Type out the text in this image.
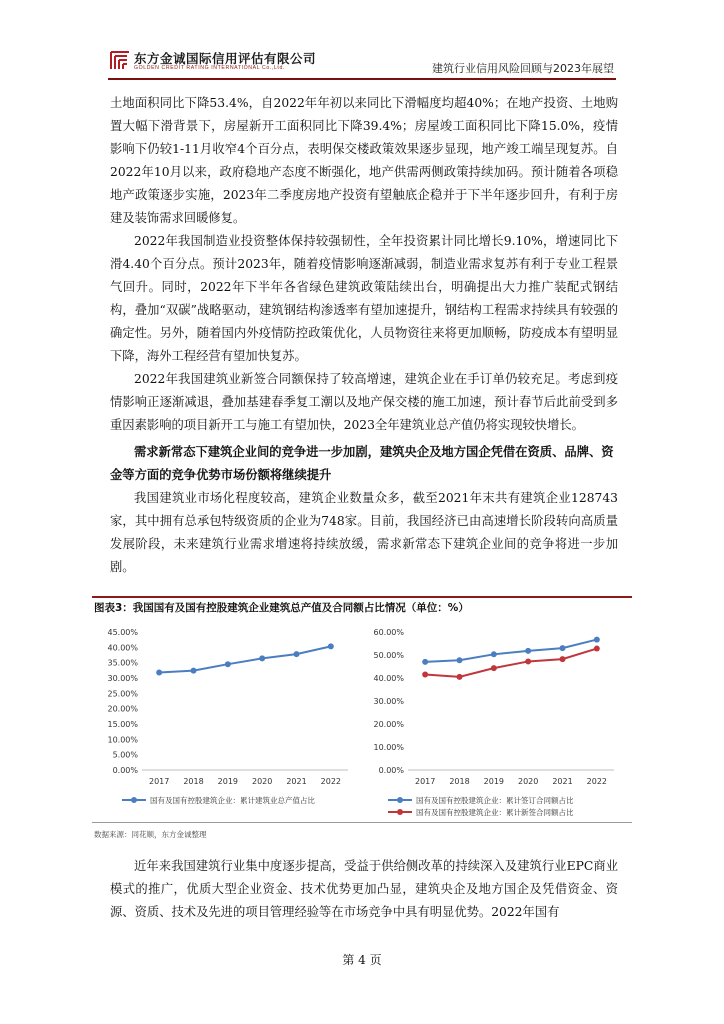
东方金诚国际信用评估有限公司
GOLDEN CREDIT RATING INTERNATIONAL Co.,Ltd.	建筑行业信用风险回顾与2023年展望

土地面积同比下降53.4%，自2022年年初以来同比下滑幅度均超40%；在地产投资、土地购置大幅下滑背景下，房屋新开工面积同比下降39.4%；房屋竣工面积同比下降15.0%，疫情影响下仍较1-11月收窄4个百分点，表明保交楼政策效果逐步显现，地产竣工端呈现复苏。自2022年10月以来，政府稳地产态度不断强化，地产供需两侧政策持续加码。预计随着各项稳地产政策逐步实施，2023年二季度房地产投资有望触底企稳并于下半年逐步回升，有利于房建及装饰需求回暖修复。

2022年我国制造业投资整体保持较强韧性，全年投资累计同比增长9.10%，增速同比下滑4.40个百分点。预计2023年，随着疫情影响逐渐减弱，制造业需求复苏有利于专业工程景气回升。同时，2022年下半年各省绿色建筑政策陆续出台，明确提出大力推广装配式钢结构，叠加“双碳”战略驱动，建筑钢结构渗透率有望加速提升，钢结构工程需求持续具有较强的确定性。另外，随着国内外疫情防控政策优化，人员物资往来将更加顺畅，防疫成本有望明显下降，海外工程经营有望加快复苏。

2022年我国建筑业新签合同额保持了较高增速，建筑企业在手订单仍较充足。考虑到疫情影响正逐渐减退，叠加基建春季复工潮以及地产保交楼的施工加速，预计春节后此前受到多重因素影响的项目新开工与施工有望加快，2023全年建筑业总产值仍将实现较快增长。

需求新常态下建筑企业间的竞争进一步加剧，建筑央企及地方国企凭借在资质、品牌、资金等方面的竞争优势市场份额将继续提升

我国建筑业市场化程度较高，建筑企业数量众多，截至2021年末共有建筑企业128743家，其中拥有总承包特级资质的企业为748家。目前，我国经济已由高速增长阶段转向高质量发展阶段，未来建筑行业需求增速将持续放缓，需求新常态下建筑企业间的竞争将进一步加剧。

图表3：我国国有及国有控股建筑企业建筑总产值及合同额占比情况（单位：%）
0.00%
5.00%
10.00%
15.00%
20.00%
25.00%
30.00%
35.00%
40.00%
45.00%
2017 2018 2019 2020 2021 2022
国有及国有控股建筑企业：累计建筑业总产值占比
0.00%
10.00%
20.00%
30.00%
40.00%
50.00%
60.00%
2017 2018 2019 2020 2021 2022
国有及国有控股建筑企业：累计签订合同额占比
国有及国有控股建筑企业：累计新签合同额占比
数据来源：同花顺，东方金诚整理

近年来我国建筑行业集中度逐步提高，受益于供给侧改革的持续深入及建筑行业EPC商业模式的推广，优质大型企业资金、技术优势更加凸显，建筑央企及地方国企及凭借资金、资源、资质、技术及先进的项目管理经验等在市场竞争中具有明显优势。2022年国有

第 4 页
